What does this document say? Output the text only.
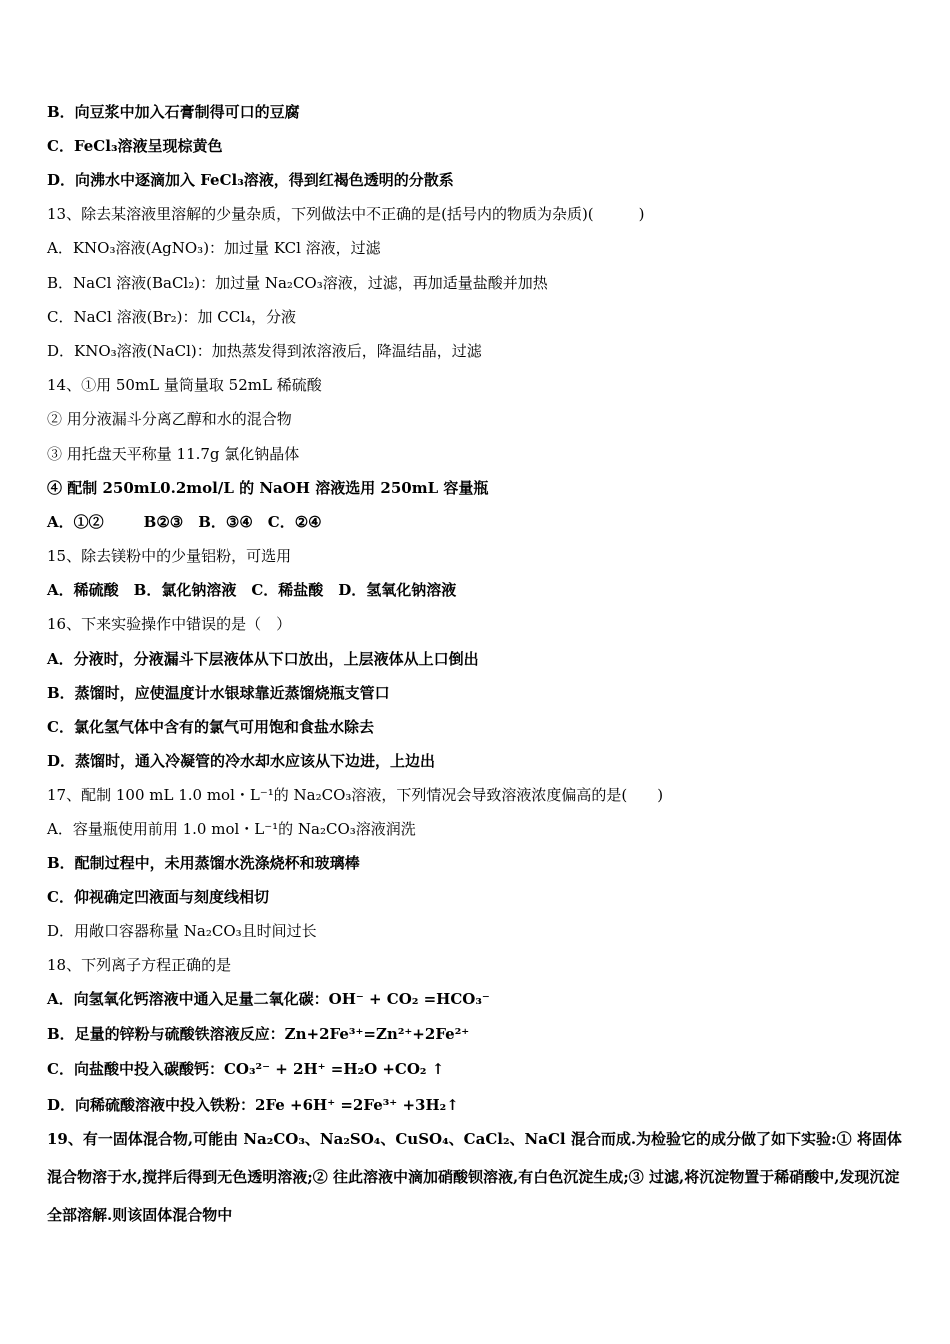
B．向豆浆中加入石膏制得可口的豆腐
C．FeCl₃溶液呈现棕黄色
D．向沸水中逐滴加入 FeCl₃溶液，得到红褐色透明的分散系
13、除去某溶液里溶解的少量杂质，下列做法中不正确的是(括号内的物质为杂质)(　　　)
A．KNO₃溶液(AgNO₃)：加过量 KCl 溶液，过滤
B．NaCl 溶液(BaCl₂)：加过量 Na₂CO₃溶液，过滤，再加适量盐酸并加热
C．NaCl 溶液(Br₂)：加 CCl₄，分液
D．KNO₃溶液(NaCl)：加热蒸发得到浓溶液后，降温结晶，过滤
14、①用 50mL 量筒量取 52mL 稀硫酸
② 用分液漏斗分离乙醇和水的混合物
③ 用托盘天平称量 11.7g 氯化钠晶体
④ 配制 250mL0.2mol/L 的 NaOH 溶液选用 250mL 容量瓶
A．①②	B②③　B．③④　C．②④
15、除去镁粉中的少量铝粉，可选用
A．稀硫酸　B．氯化钠溶液　C．稀盐酸　D．氢氧化钠溶液
16、下来实验操作中错误的是（　）
A．分液时，分液漏斗下层液体从下口放出，上层液体从上口倒出
B．蒸馏时，应使温度计水银球靠近蒸馏烧瓶支管口
C．氯化氢气体中含有的氯气可用饱和食盐水除去
D．蒸馏时，通入冷凝管的冷水却水应该从下边进，上边出
17、配制 100 mL 1.0 mol・L⁻¹的 Na₂CO₃溶液，下列情况会导致溶液浓度偏高的是(　　)
A．容量瓶使用前用 1.0 mol・L⁻¹的 Na₂CO₃溶液润洗
B．配制过程中，未用蒸馏水洗涤烧杯和玻璃棒
C．仰视确定凹液面与刻度线相切
D．用敞口容器称量 Na₂CO₃且时间过长
18、下列离子方程正确的是
A．向氢氧化钙溶液中通入足量二氧化碳：OH⁻ + CO₂ =HCO₃⁻
B．足量的锌粉与硫酸铁溶液反应：Zn+2Fe³⁺=Zn²⁺+2Fe²⁺
C．向盐酸中投入碳酸钙：CO₃²⁻ + 2H⁺ =H₂O +CO₂ ↑
D．向稀硫酸溶液中投入铁粉：2Fe +6H⁺ =2Fe³⁺ +3H₂↑
19、有一固体混合物,可能由 Na₂CO₃、Na₂SO₄、CuSO₄、CaCl₂、NaCl 混合而成.为检验它的成分做了如下实验:① 将固体混合物溶于水,搅拌后得到无色透明溶液;② 往此溶液中滴加硝酸钡溶液,有白色沉淀生成;③ 过滤,将沉淀物置于稀硝酸中,发现沉淀全部溶解.则该固体混合物中
